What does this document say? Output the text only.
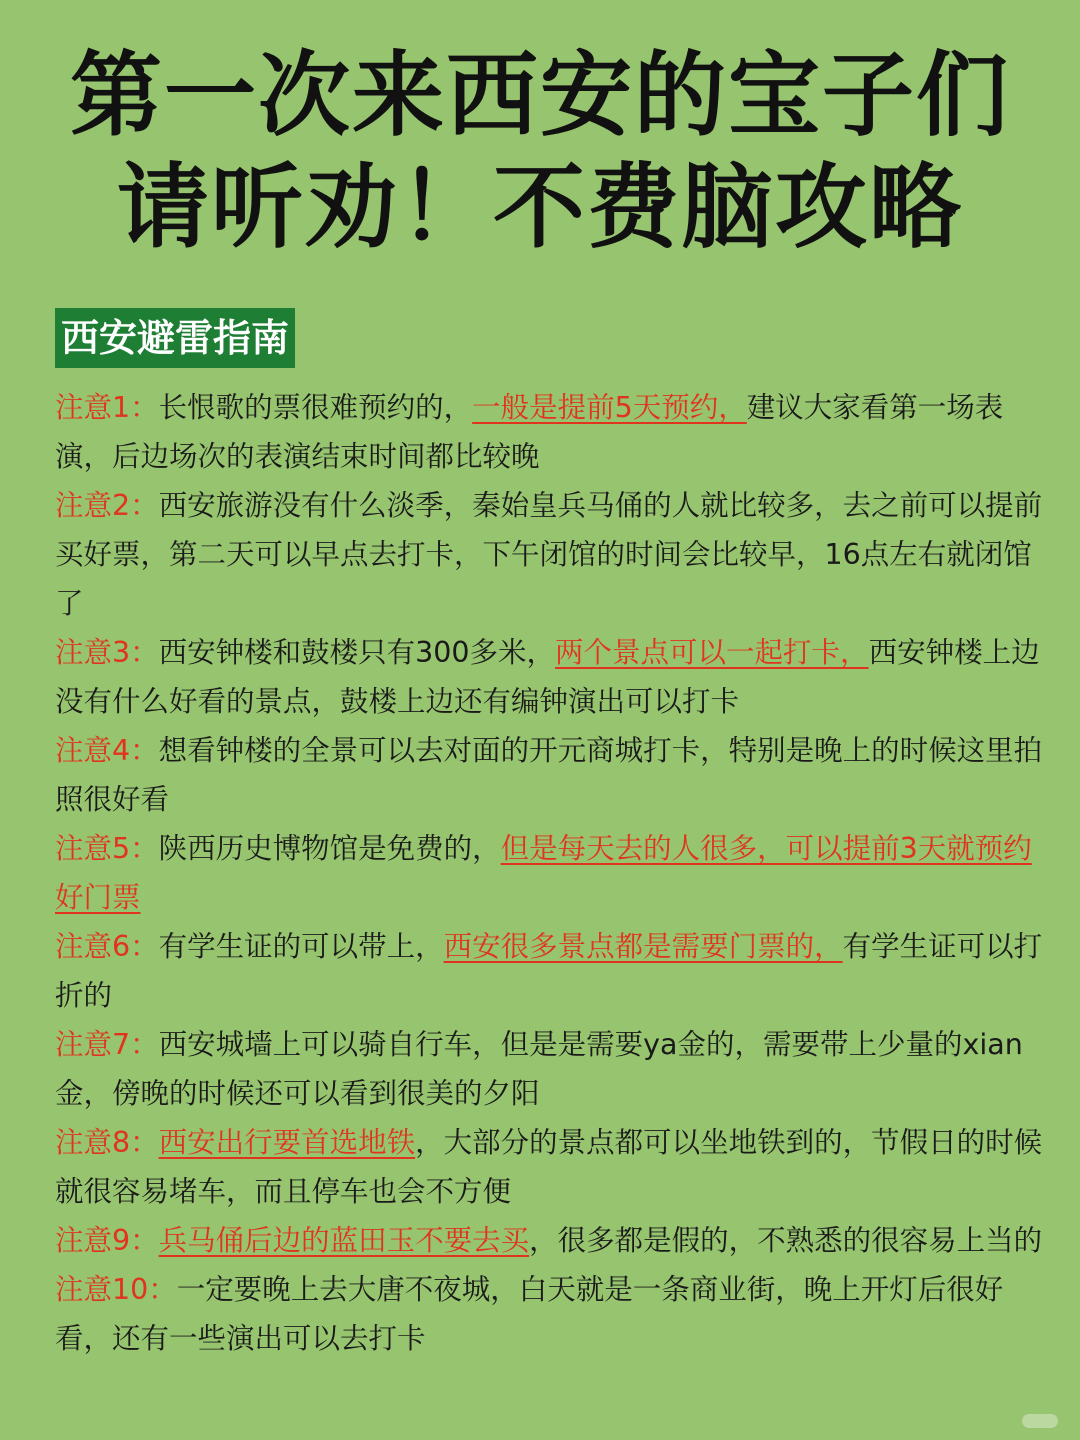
第一次来西安的宝子们
请听劝！不费脑攻略
西安避雷指南
注意1：长恨歌的票很难预约的，一般是提前5天预约，建议大家看第一场表演，后边场次的表演结束时间都比较晚
注意2：西安旅游没有什么淡季，秦始皇兵马俑的人就比较多，去之前可以提前买好票，第二天可以早点去打卡，下午闭馆的时间会比较早，16点左右就闭馆了
注意3：西安钟楼和鼓楼只有300多米，两个景点可以一起打卡，西安钟楼上边没有什么好看的景点，鼓楼上边还有编钟演出可以打卡
注意4：想看钟楼的全景可以去对面的开元商城打卡，特别是晚上的时候这里拍照很好看
注意5：陕西历史博物馆是免费的，但是每天去的人很多，可以提前3天就预约好门票
注意6：有学生证的可以带上，西安很多景点都是需要门票的，有学生证可以打折的
注意7：西安城墙上可以骑自行车，但是是需要ya金的，需要带上少量的xian金，傍晚的时候还可以看到很美的夕阳
注意8：西安出行要首选地铁，大部分的景点都可以坐地铁到的，节假日的时候就很容易堵车，而且停车也会不方便
注意9：兵马俑后边的蓝田玉不要去买，很多都是假的，不熟悉的很容易上当的
注意10：一定要晚上去大唐不夜城，白天就是一条商业街，晚上开灯后很好看，还有一些演出可以去打卡
